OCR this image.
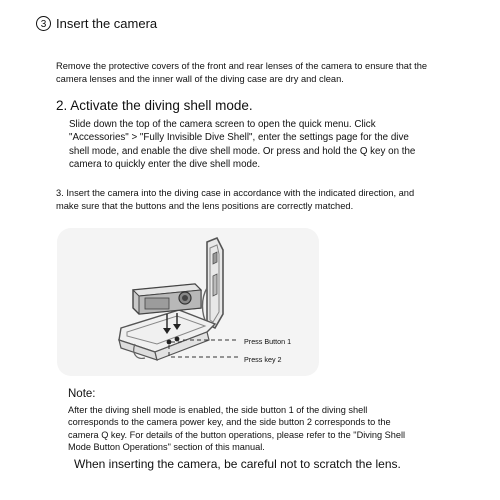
3 Insert the camera
Remove the protective covers of the front and rear lenses of the camera to ensure that the camera lenses and the inner wall of the diving case are dry and clean.
2. Activate the diving shell mode.
Slide down the top of the camera screen to open the quick menu. Click "Accessories" > "Fully Invisible Dive Shell", enter the settings page for the dive shell mode, and enable the dive shell mode. Or press and hold the Q key on the camera to quickly enter the dive shell mode.
3. Insert the camera into the diving case in accordance with the indicated direction, and make sure that the buttons and the lens positions are correctly matched.
Press Button 1
Press key 2
Note:
After the diving shell mode is enabled, the side button 1 of the diving shell corresponds to the camera power key, and the side button 2 corresponds to the camera Q key. For details of the button operations, please refer to the "Diving Shell Mode Button Operations" section of this manual.
When inserting the camera, be careful not to scratch the lens.
